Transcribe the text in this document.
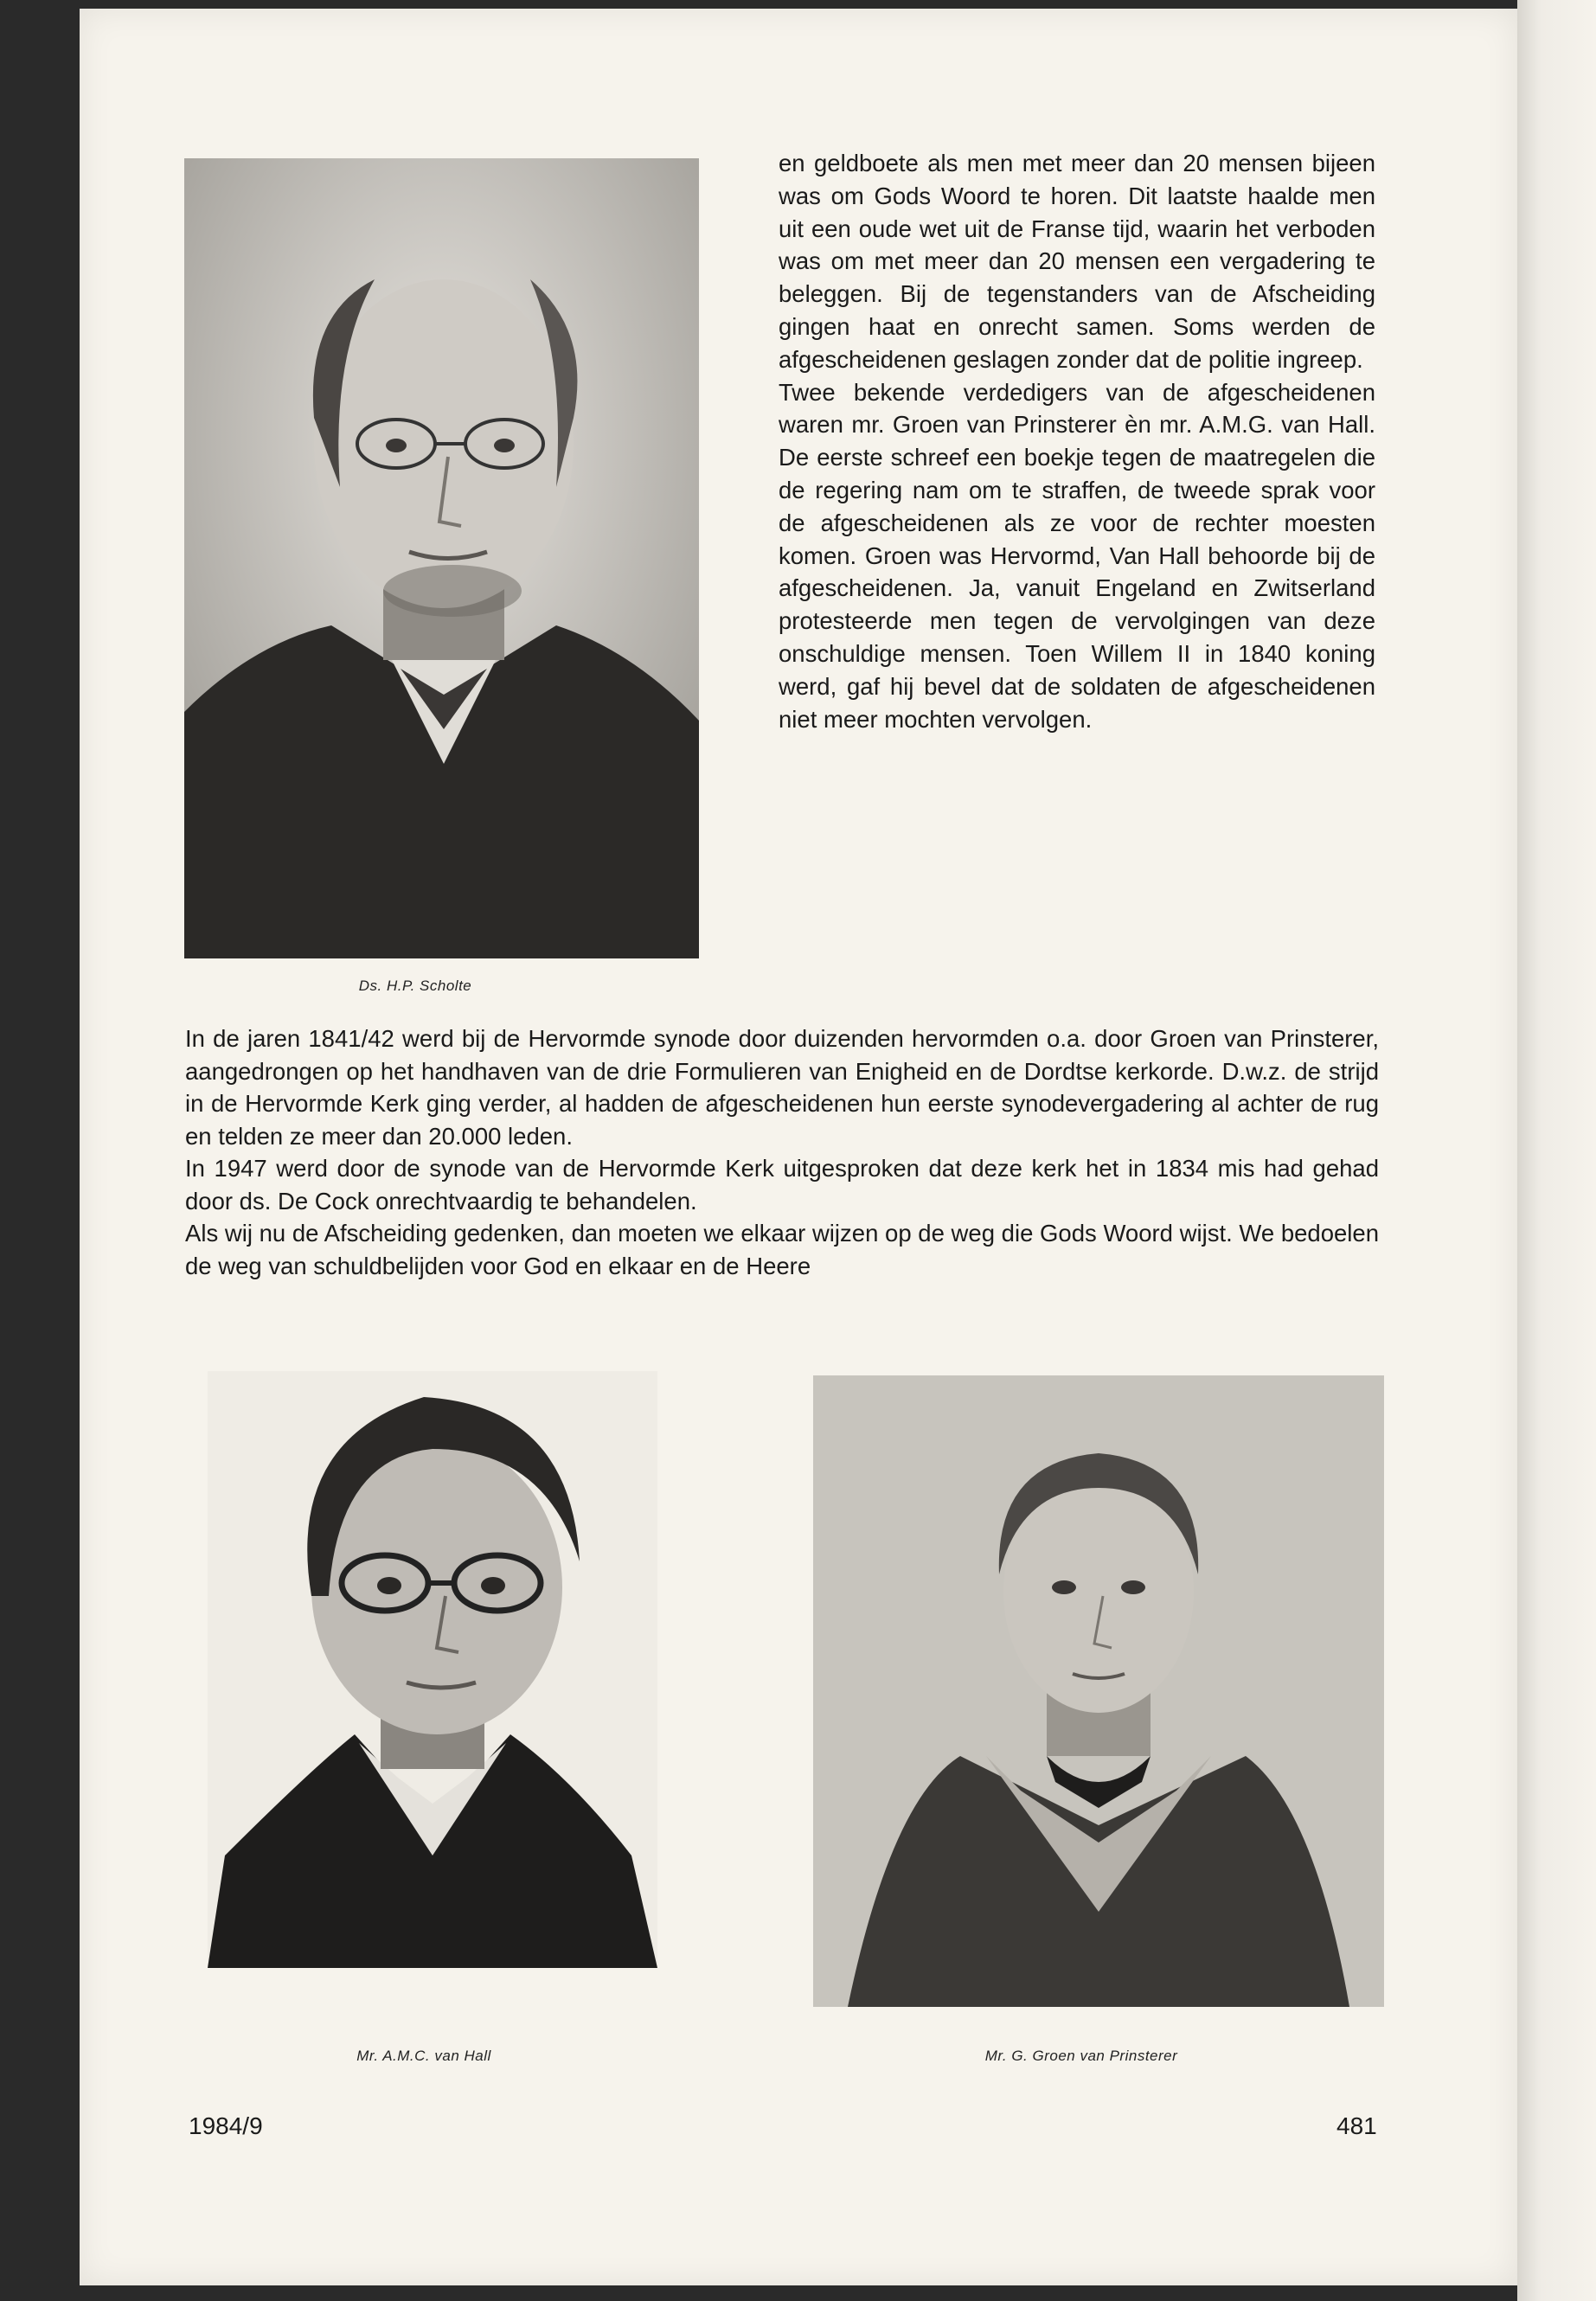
Ds. H.P. Scholte

en geldboete als men met meer dan 20 mensen bijeen was om Gods Woord te horen. Dit laatste haalde men uit een oude wet uit de Franse tijd, waarin het verboden was om met meer dan 20 mensen een vergadering te beleggen. Bij de tegenstanders van de Afscheiding gingen haat en onrecht samen. Soms werden de afgescheidenen geslagen zonder dat de politie ingreep.

Twee bekende verdedigers van de afgescheidenen waren mr. Groen van Prinsterer èn mr. A.M.G. van Hall. De eerste schreef een boekje tegen de maatregelen die de regering nam om te straffen, de tweede sprak voor de afgescheidenen als ze voor de rechter moesten komen. Groen was Hervormd, Van Hall behoorde bij de afgescheidenen. Ja, vanuit Engeland en Zwitserland protesteerde men tegen de vervolgingen van deze onschuldige mensen. Toen Willem II in 1840 koning werd, gaf hij bevel dat de soldaten de afgescheidenen niet meer mochten vervolgen.

In de jaren 1841/42 werd bij de Hervormde synode door duizenden hervormden o.a. door Groen van Prinsterer, aangedrongen op het handhaven van de drie Formulieren van Enigheid en de Dordtse kerkorde. D.w.z. de strijd in de Hervormde Kerk ging verder, al hadden de afgescheidenen hun eerste synodevergadering al achter de rug en telden ze meer dan 20.000 leden.

In 1947 werd door de synode van de Hervormde Kerk uitgesproken dat deze kerk het in 1834 mis had gehad door ds. De Cock onrechtvaardig te behandelen.

Als wij nu de Afscheiding gedenken, dan moeten we elkaar wijzen op de weg die Gods Woord wijst. We bedoelen de weg van schuldbelijden voor God en elkaar en de Heere

Mr. A.M.C. van Hall	Mr. G. Groen van Prinsterer
1984/9	481
